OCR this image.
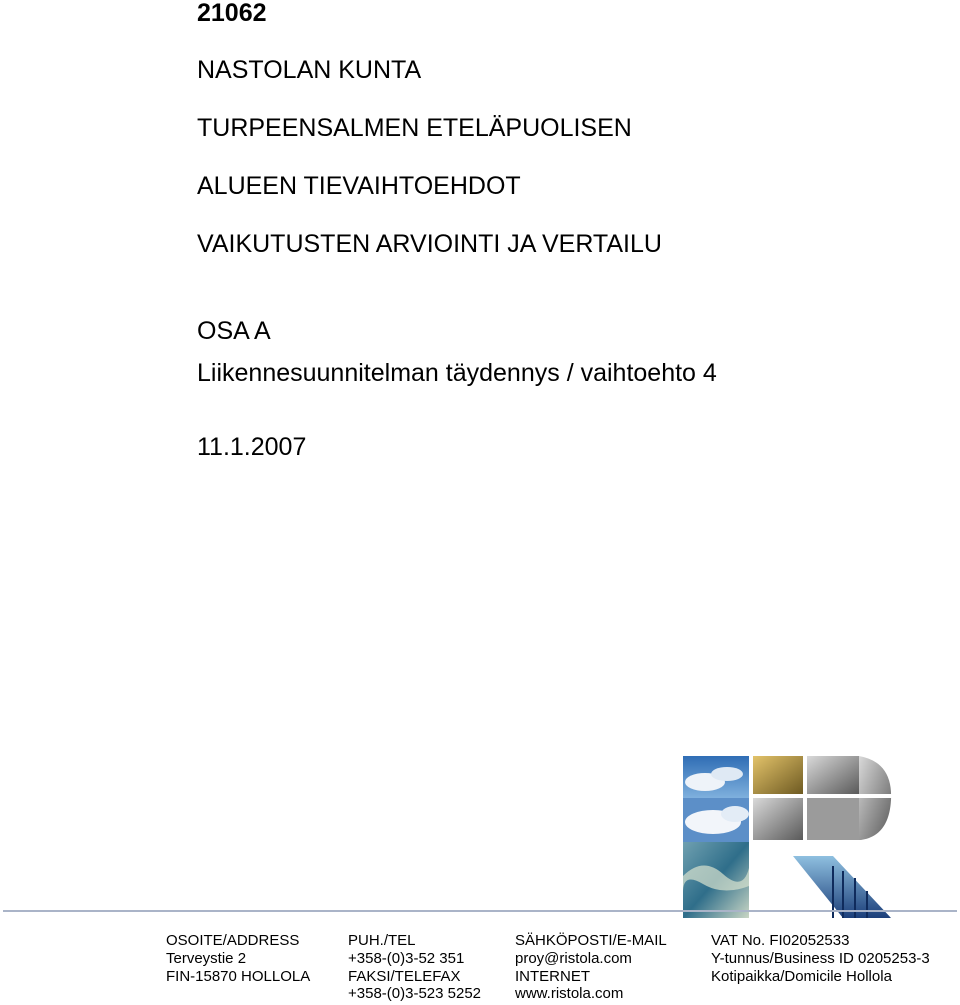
21062
NASTOLAN KUNTA
TURPEENSALMEN ETELÄPUOLISEN
ALUEEN TIEVAIHTOEHDOT
VAIKUTUSTEN ARVIOINTI JA VERTAILU
OSA A
Liikennesuunnitelman täydennys / vaihtoehto 4
11.1.2007
OSOITE/ADDRESS
Terveystie 2
FIN-15870 HOLLOLA
PUH./TEL
+358-(0)3-52 351
FAKSI/TELEFAX
+358-(0)3-523 5252
SÄHKÖPOSTI/E-MAIL
proy@ristola.com
INTERNET
www.ristola.com
VAT No. FI02052533
Y-tunnus/Business ID 0205253-3
Kotipaikka/Domicile Hollola
